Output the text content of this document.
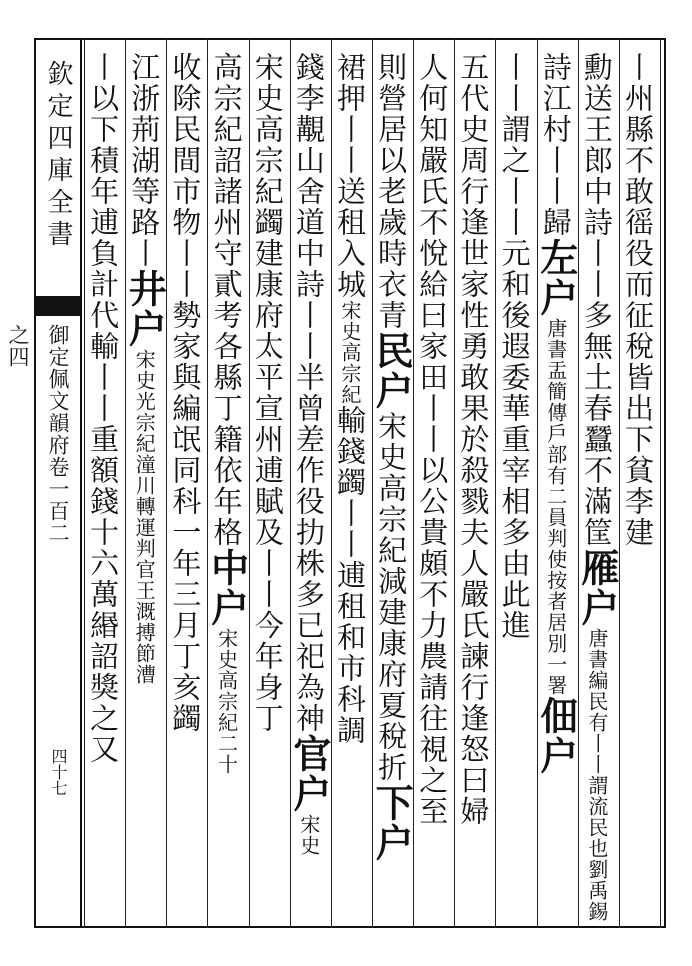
欽定四庫全書
御定佩文韻府卷一百二之四
四十七
丨州縣不敢徭役而征稅皆出下貧李建
勳送王郎中詩丨丨多無土春蠶不滿筐雁户唐書編民有丨丨謂流民也劉禹錫
詩江村丨丨歸左户唐書盂簡傳戶部有二員判使按者居別一署佃户
丨丨謂之丨丨元和後遐委華重宰相多由此進
五代史周行逢世家性勇敢果於殺戮夫人嚴氏諫行逢怒曰婦
人何知嚴氏不悅給曰家田丨丨以公貴頗不力農請往視之至
則營居以老歲時衣青民户宋史高宗紀減建康府夏稅折下户
裙押丨丨送租入城宋史高宗紀輸錢蠲丨丨逋租和市科調
錢李覯山舍道中詩丨丨半曾差作役扐株多已祀為神官户宋史
宋史高宗紀蠲建康府太平宣州逋賦及丨丨今年身丁
高宗紀詔諸州守貳考各縣丁籍依年格中户宋史高宗紀二十
收除民間市物丨丨勢家與編氓同科一年三月丁亥蠲
江浙荊湖等路丨井户宋史光宗紀潼川轉運判官王溉搏節漕
丨以下積年逋負計代輸丨丨重額錢十六萬緡詔獎之又
